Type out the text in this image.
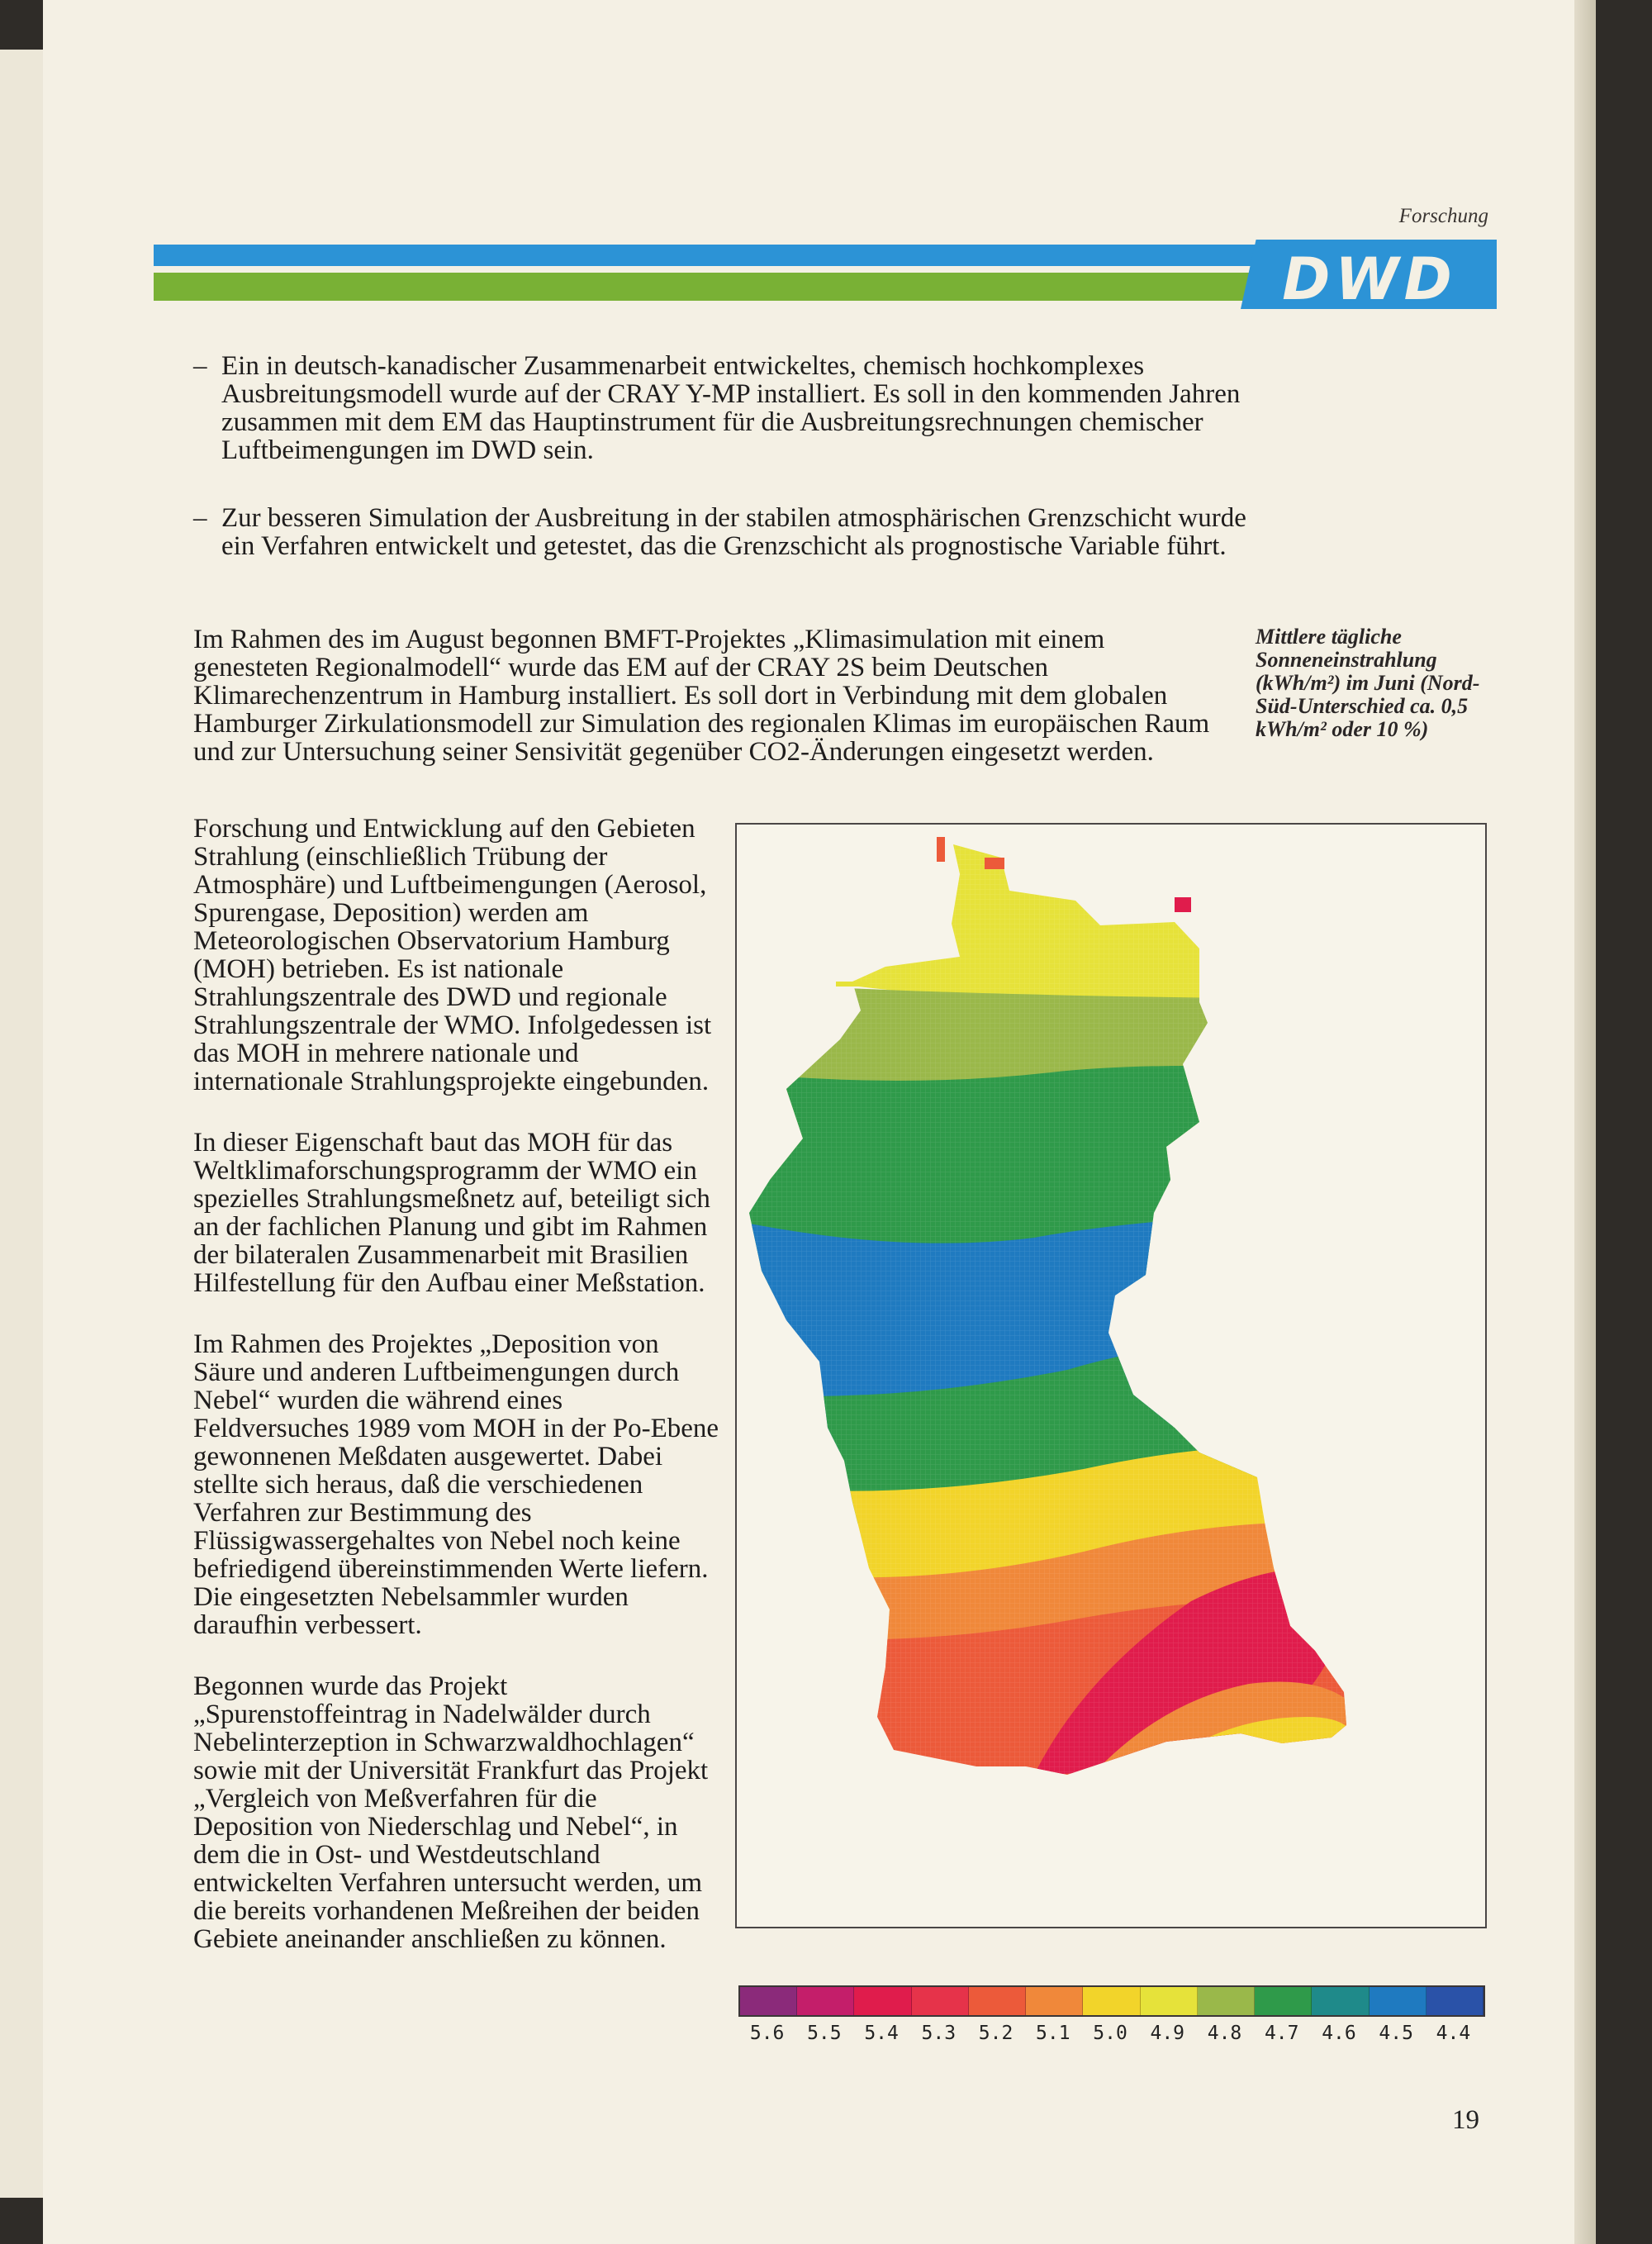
Forschung
DWD
– Ein in deutsch-kanadischer Zusammenarbeit entwickeltes, chemisch hochkomplexes Ausbreitungsmodell wurde auf der CRAY Y-MP installiert. Es soll in den kommenden Jahren zusammen mit dem EM das Hauptinstrument für die Ausbreitungsrechnungen chemischer Luftbeimengungen im DWD sein.
– Zur besseren Simulation der Ausbreitung in der stabilen atmosphärischen Grenzschicht wurde ein Verfahren entwickelt und getestet, das die Grenzschicht als prognostische Variable führt.
Im Rahmen des im August begonnen BMFT-Projektes „Klimasimulation mit einem genesteten Regionalmodell“ wurde das EM auf der CRAY 2S beim Deutschen Klimarechenzentrum in Hamburg installiert. Es soll dort in Verbindung mit dem globalen Hamburger Zirkulationsmodell zur Simulation des regionalen Klimas im europäischen Raum und zur Untersuchung seiner Sensivität gegenüber CO2-Änderungen eingesetzt werden.
Mittlere tägliche Sonneneinstrahlung (kWh/m²) im Juni (Nord-Süd-Unterschied ca. 0,5 kWh/m² oder 10 %)

Forschung und Entwicklung auf den Gebieten Strahlung (einschließlich Trübung der Atmosphäre) und Luftbeimengungen (Aerosol, Spurengase, Deposition) werden am Meteorologischen Observatorium Hamburg (MOH) betrieben. Es ist nationale Strahlungszentrale des DWD und regionale Strahlungszentrale der WMO. Infolgedessen ist das MOH in mehrere nationale und internationale Strahlungsprojekte eingebunden.

In dieser Eigenschaft baut das MOH für das Weltklimaforschungsprogramm der WMO ein spezielles Strahlungsmeßnetz auf, beteiligt sich an der fachlichen Planung und gibt im Rahmen der bilateralen Zusammenarbeit mit Brasilien Hilfestellung für den Aufbau einer Meßstation.

Im Rahmen des Projektes „Deposition von Säure und anderen Luftbeimengungen durch Nebel“ wurden die während eines Feldversuches 1989 vom MOH in der Po-Ebene gewonnenen Meßdaten ausgewertet. Dabei stellte sich heraus, daß die verschiedenen Verfahren zur Bestimmung des Flüssigwassergehaltes von Nebel noch keine befriedigend übereinstimmenden Werte liefern. Die eingesetzten Nebelsammler wurden daraufhin verbessert.

Begonnen wurde das Projekt „Spurenstoffeintrag in Nadelwälder durch Nebelinterzeption in Schwarzwaldhochlagen“ sowie mit der Universität Frankfurt das Projekt „Vergleich von Meßverfahren für die Deposition von Niederschlag und Nebel“, in dem die in Ost- und Westdeutschland entwickelten Verfahren untersucht werden, um die bereits vorhandenen Meßreihen der beiden Gebiete aneinander anschließen zu können.

5.6	5.5	5.4	5.3	5.2	5.1	5.0	4.9	4.8	4.7	4.6	4.5	4.4
19
